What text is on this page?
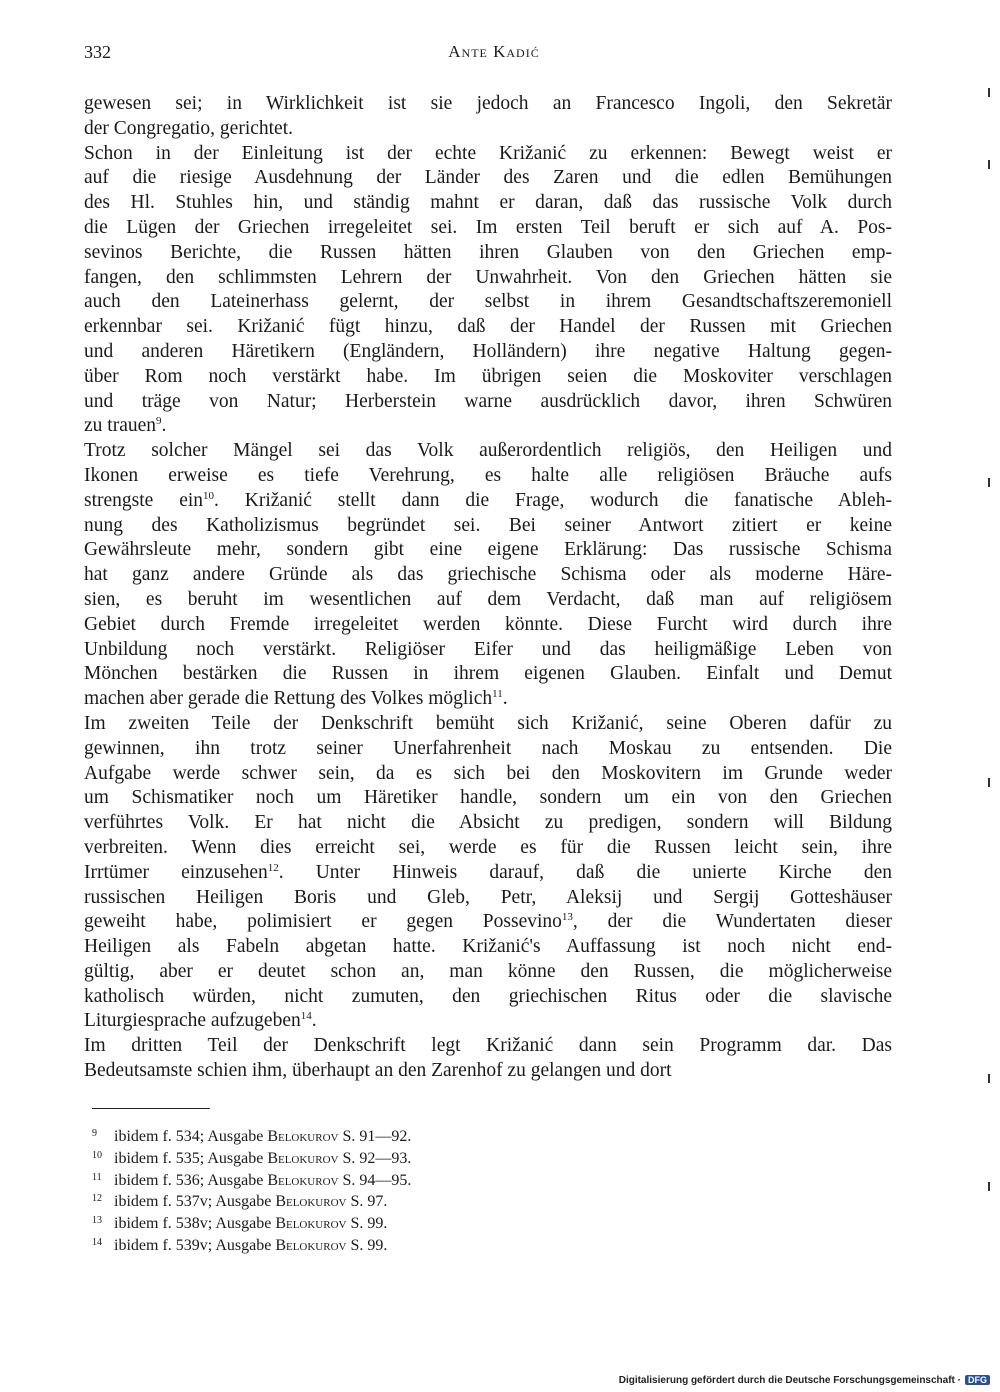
332	Ante Kadić
gewesen sei; in Wirklichkeit ist sie jedoch an Francesco Ingoli, den Sekretär
der Congregatio, gerichtet.
Schon in der Einleitung ist der echte Križanić zu erkennen: Bewegt weist er
auf die riesige Ausdehnung der Länder des Zaren und die edlen Bemühungen
des Hl. Stuhles hin, und ständig mahnt er daran, daß das russische Volk durch
die Lügen der Griechen irregeleitet sei. Im ersten Teil beruft er sich auf A. Pos-
sevinos Berichte, die Russen hätten ihren Glauben von den Griechen emp-
fangen, den schlimmsten Lehrern der Unwahrheit. Von den Griechen hätten sie
auch den Lateinerhass gelernt, der selbst in ihrem Gesandtschaftszeremoniell
erkennbar sei. Križanić fügt hinzu, daß der Handel der Russen mit Griechen
und anderen Häretikern (Engländern, Holländern) ihre negative Haltung gegen-
über Rom noch verstärkt habe. Im übrigen seien die Moskoviter verschlagen
und träge von Natur; Herberstein warne ausdrücklich davor, ihren Schwüren
zu trauen$^9$.
Trotz solcher Mängel sei das Volk außerordentlich religiös, den Heiligen und
Ikonen erweise es tiefe Verehrung, es halte alle religiösen Bräuche aufs
strengste ein$^{10}$. Križanić stellt dann die Frage, wodurch die fanatische Ableh-
nung des Katholizismus begründet sei. Bei seiner Antwort zitiert er keine
Gewährsleute mehr, sondern gibt eine eigene Erklärung: Das russische Schisma
hat ganz andere Gründe als das griechische Schisma oder als moderne Häre-
sien, es beruht im wesentlichen auf dem Verdacht, daß man auf religiösem
Gebiet durch Fremde irregeleitet werden könnte. Diese Furcht wird durch ihre
Unbildung noch verstärkt. Religiöser Eifer und das heiligmäßige Leben von
Mönchen bestärken die Russen in ihrem eigenen Glauben. Einfalt und Demut
machen aber gerade die Rettung des Volkes möglich$^{11}$.
Im zweiten Teile der Denkschrift bemüht sich Križanić, seine Oberen dafür zu
gewinnen, ihn trotz seiner Unerfahrenheit nach Moskau zu entsenden. Die
Aufgabe werde schwer sein, da es sich bei den Moskovitern im Grunde weder
um Schismatiker noch um Häretiker handle, sondern um ein von den Griechen
verführtes Volk. Er hat nicht die Absicht zu predigen, sondern will Bildung
verbreiten. Wenn dies erreicht sei, werde es für die Russen leicht sein, ihre
Irrtümer einzusehen$^{12}$. Unter Hinweis darauf, daß die unierte Kirche den
russischen Heiligen Boris und Gleb, Petr, Aleksij und Sergij Gotteshäuser
geweiht habe, polimisiert er gegen Possevino$^{13}$, der die Wundertaten dieser
Heiligen als Fabeln abgetan hatte. Križanić's Auffassung ist noch nicht end-
gültig, aber er deutet schon an, man könne den Russen, die möglicherweise
katholisch würden, nicht zumuten, den griechischen Ritus oder die slavische
Liturgiesprache aufzugeben$^{14}$.
Im dritten Teil der Denkschrift legt Križanić dann sein Programm dar. Das
Bedeutsamste schien ihm, überhaupt an den Zarenhof zu gelangen und dort
9 ibidem f. 534; Ausgabe Belokurov S. 91—92.
10 ibidem f. 535; Ausgabe Belokurov S. 92—93.
11 ibidem f. 536; Ausgabe Belokurov S. 94—95.
12 ibidem f. 537v; Ausgabe Belokurov S. 97.
13 ibidem f. 538v; Ausgabe Belokurov S. 99.
14 ibidem f. 539v; Ausgabe Belokurov S. 99.
Digitalisierung gefördert durch die Deutsche Forschungsgemeinschaft · DFG
